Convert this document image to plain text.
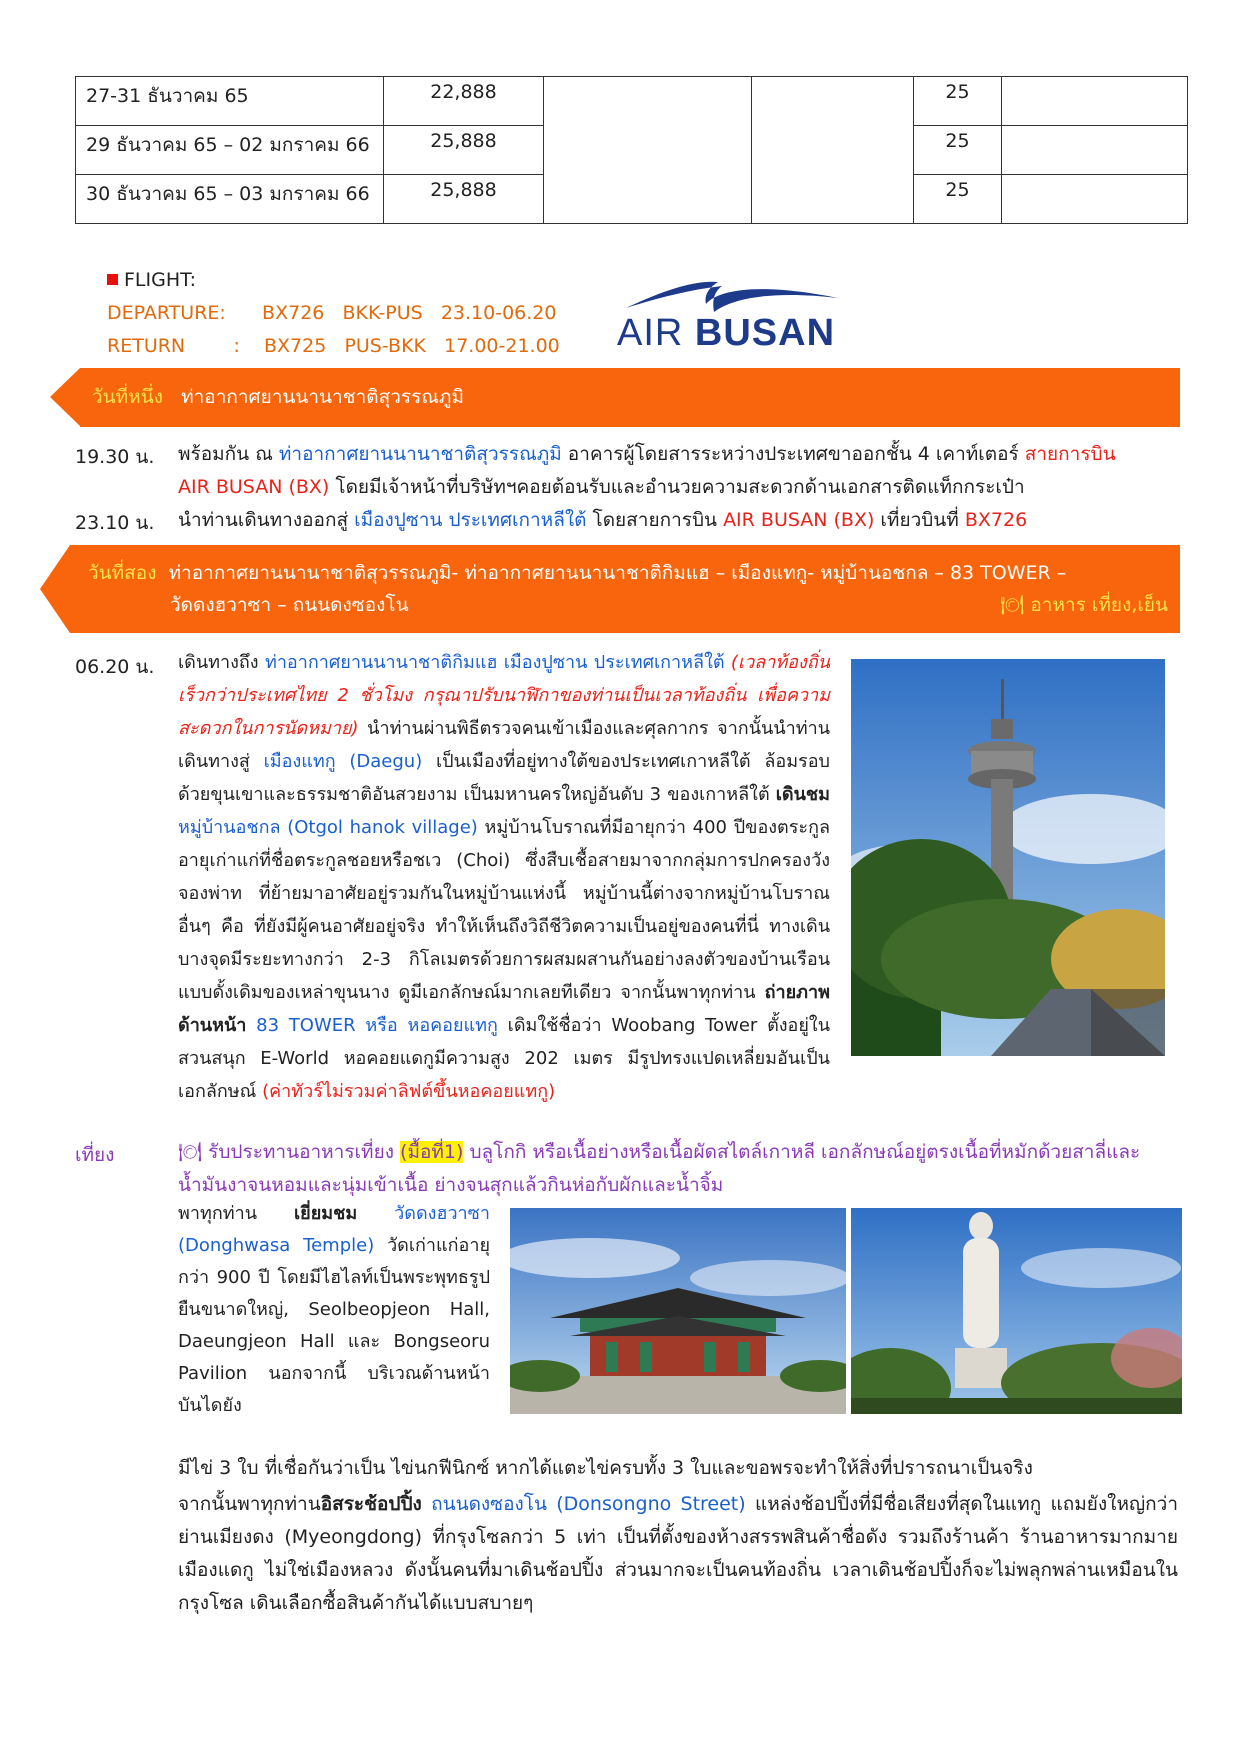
27-31 ธันวาคม 65	22,888			25	
29 ธันวาคม 65 – 02 มกราคม 66	25,888			25	
30 ธันวาคม 65 – 03 มกราคม 66	25,888			25	
FLIGHT:
DEPARTURE:      BX726   BKK-PUS   23.10-06.20
RETURN        :    BX725   PUS-BKK   17.00-21.00 AIR BUSAN
วันที่หนึ่ง ท่าอากาศยานนานาชาติสุวรรณภูมิ
19.30 น. พร้อมกัน ณ ท่าอากาศยานนานาชาติสุวรรณภูมิ อาคารผู้โดยสารระหว่างประเทศขาออกชั้น 4 เคาท์เตอร์ สายการบิน
AIR BUSAN (BX) โดยมีเจ้าหน้าที่บริษัทฯคอยต้อนรับและอำนวยความสะดวกด้านเอกสารติดแท็กกระเป๋า
23.10 น. นำท่านเดินทางออกสู่ เมืองปูซาน ประเทศเกาหลีใต้ โดยสายการบิน AIR BUSAN (BX) เที่ยวบินที่ BX726
วันที่สอง ท่าอากาศยานนานาชาติสุวรรณภูมิ- ท่าอากาศยานนานาชาติกิมแฮ – เมืองแทกู- หมู่บ้านอชกล – 83 TOWER –
วัดดงฮวาซา – ถนนดงซองโน	🍽 อาหาร เที่ยง,เย็น
06.20 น. เดินทางถึง ท่าอากาศยานนานาชาติกิมแฮ เมืองปูซาน ประเทศเกาหลีใต้ (เวลาท้องถิ่นเร็วกว่าประเทศไทย 2 ชั่วโมง กรุณาปรับนาฬิกาของท่านเป็นเวลาท้องถิ่น เพื่อความสะดวกในการนัดหมาย) นำท่านผ่านพิธีตรวจคนเข้าเมืองและศุลกากร จากนั้นนำท่านเดินทางสู่ เมืองแทกู (Daegu) เป็นเมืองที่อยู่ทางใต้ของประเทศเกาหลีใต้ ล้อมรอบด้วยขุนเขาและธรรมชาติอันสวยงาม เป็นมหานครใหญ่อันดับ 3 ของเกาหลีใต้ เดินชม หมู่บ้านอชกล (Otgol hanok village) หมู่บ้านโบราณที่มีอายุกว่า 400 ปีของตระกูลอายุเก่าแก่ที่ชื่อตระกูลชอยหรือชเว (Choi) ซึ่งสืบเชื้อสายมาจากกลุ่มการปกครองวังจองพ่าท ที่ย้ายมาอาศัยอยู่รวมกันในหมู่บ้านแห่งนี้ หมู่บ้านนี้ต่างจากหมู่บ้านโบราณอื่นๆ คือ ที่ยังมีผู้คนอาศัยอยู่จริง ทำให้เห็นถึงวิถีชีวิตความเป็นอยู่ของคนที่นี่ ทางเดินบางจุดมีระยะทางกว่า 2-3 กิโลเมตรด้วยการผสมผสานกันอย่างลงตัวของบ้านเรือนแบบดั้งเดิมของเหล่าขุนนาง ดูมีเอกลักษณ์มากเลยทีเดียว จากนั้นพาทุกท่าน ถ่ายภาพด้านหน้า 83 TOWER หรือ หอคอยแทกู เดิมใช้ชื่อว่า Woobang Tower ตั้งอยู่ใน สวนสนุก E-World หอคอยแดกูมีความสูง 202 เมตร มีรูปทรงแปดเหลี่ยมอันเป็นเอกลักษณ์ (ค่าทัวร์ไม่รวมค่าลิฟต์ขึ้นหอคอยแทกู)
เที่ยง	🍽 รับประทานอาหารเที่ยง (มื้อที่1) บลูโกกิ หรือเนื้อย่างหรือเนื้อผัดสไตล์เกาหลี เอกลักษณ์อยู่ตรงเนื้อที่หมักด้วยสาลี่และน้ำมันงาจนหอมและนุ่มเข้าเนื้อ ย่างจนสุกแล้วกินห่อกับผักและน้ำจิ้ม
พาทุกท่าน เยี่ยมชม วัดดงฮวาซา (Donghwasa Temple) วัดเก่าแก่อายุกว่า 900 ปี โดยมีไฮไลท์เป็นพระพุทธรูปยืนขนาดใหญ่, Seolbeopjeon Hall, Daeungjeon Hall และ Bongseoru Pavilion นอกจากนี้ บริเวณด้านหน้าบันไดยัง
มีไข่ 3 ใบ ที่เชื่อกันว่าเป็น ไข่นกฟีนิกซ์ หากได้แตะไข่ครบทั้ง 3 ใบและขอพรจะทำให้สิ่งที่ปรารถนาเป็นจริง
จากนั้นพาทุกท่านอิสระช้อปปิ้ง ถนนดงซองโน (Donsongno Street) แหล่งช้อปปิ้งที่มีชื่อเสียงที่สุดในแทกู แถมยังใหญ่กว่าย่านเมียงดง (Myeongdong) ที่กรุงโซลกว่า 5 เท่า เป็นที่ตั้งของห้างสรรพสินค้าชื่อดัง รวมถึงร้านค้า ร้านอาหารมากมาย เมืองแดกู ไม่ใช่เมืองหลวง ดังนั้นคนที่มาเดินช้อปปิ้ง ส่วนมากจะเป็นคนท้องถิ่น เวลาเดินช้อปปิ้งก็จะไม่พลุกพล่านเหมือนในกรุงโซล เดินเลือกซื้อสินค้ากันได้แบบสบายๆ
